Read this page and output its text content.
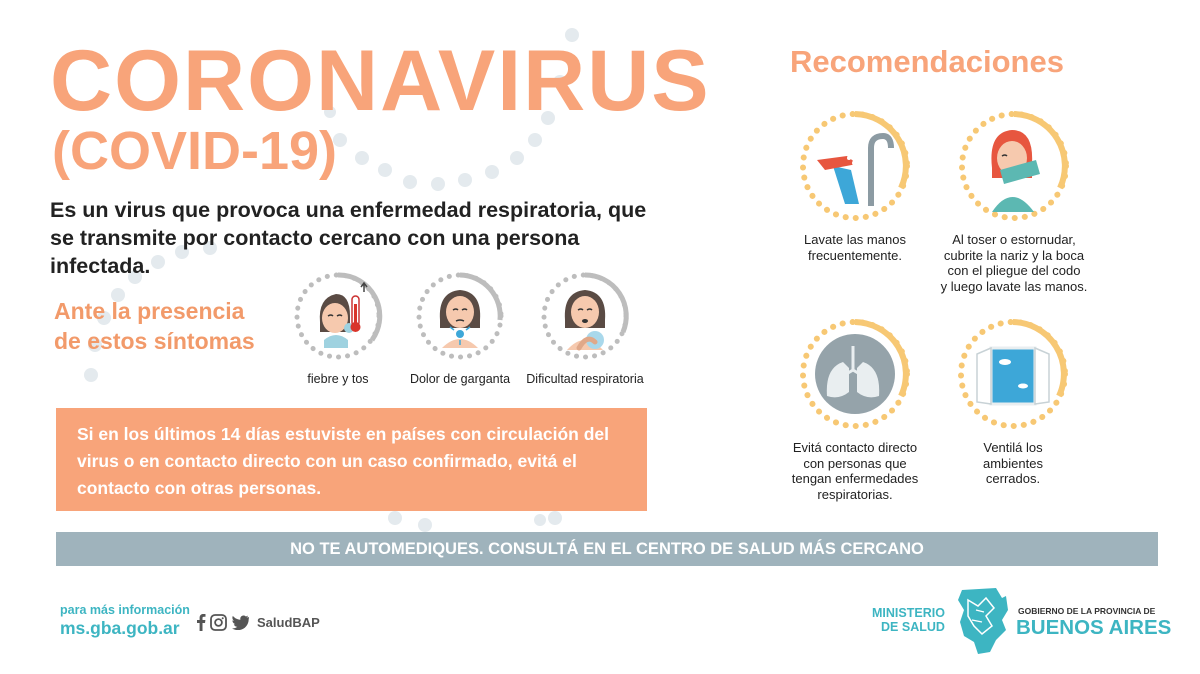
CORONAVIRUS
(COVID-19)
Es un virus que provoca una enfermedad respiratoria, que se transmite por contacto cercano con una persona infectada.
Ante la presencia
de estos síntomas
fiebre y tos	Dolor de garganta	Dificultad respiratoria
Si en los últimos 14 días estuviste en países con circulación del virus o en contacto directo con un caso confirmado, evitá el contacto con otras personas.
Recomendaciones
Lavate las manos
frecuentemente.
Al toser o estornudar,
cubrite la nariz y la boca
con el pliegue del codo
y luego lavate las manos.
Evitá contacto directo
con personas que
tengan enfermedades
respiratorias.
Ventilá los
ambientes
cerrados.
NO TE AUTOMEDIQUES. CONSULTÁ EN EL CENTRO DE SALUD MÁS CERCANO
para más información
ms.gba.gob.ar	SaludBAP
MINISTERIO
DE SALUD
GOBIERNO DE LA PROVINCIA DE
BUENOS AIRES
